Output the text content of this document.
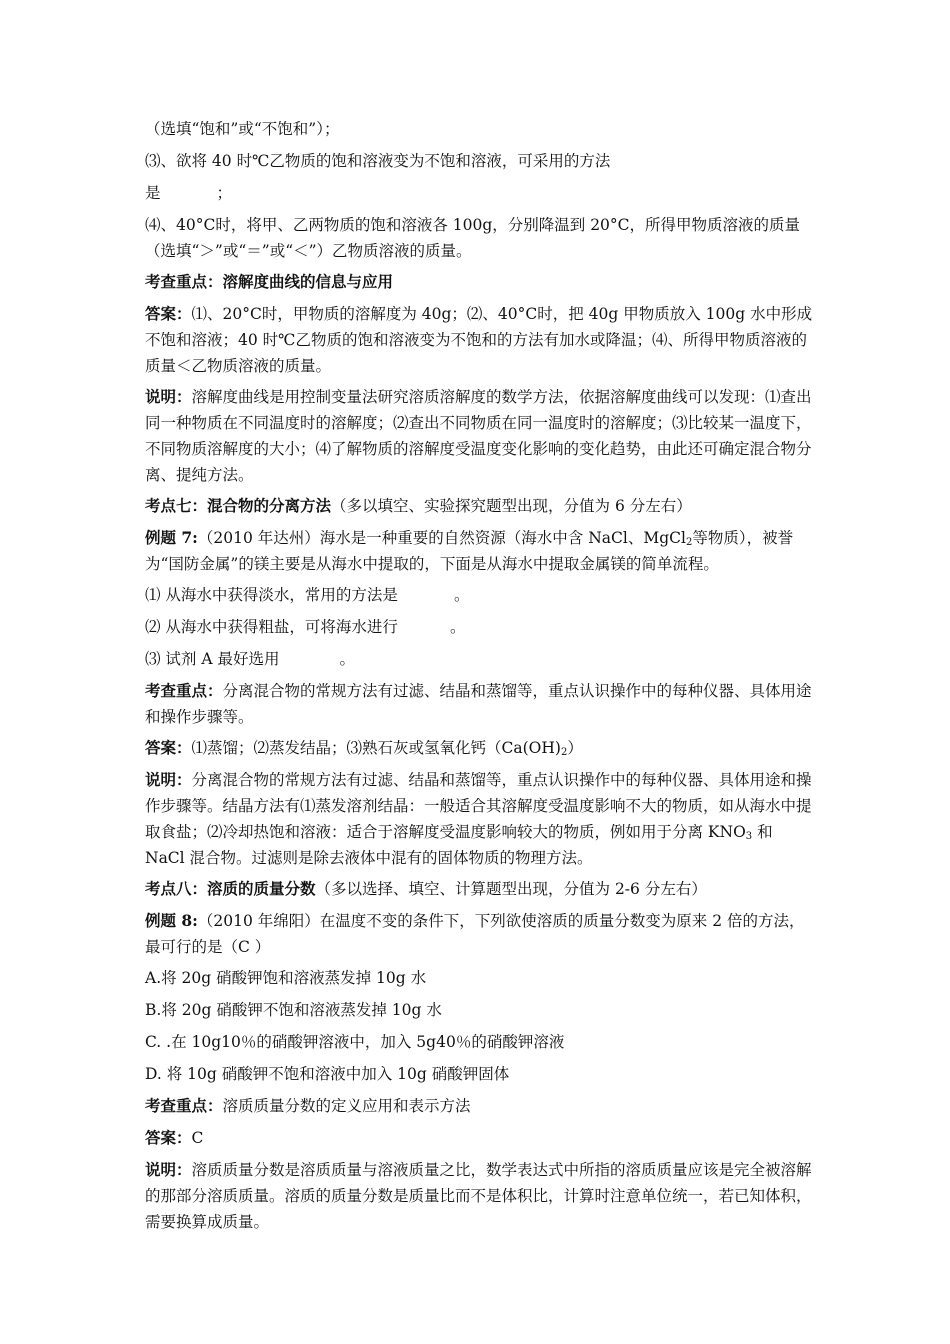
（选填“饱和”或“不饱和”）；

⑶、欲将 40 时℃乙物质的饱和溶液变为不饱和溶液，可采用的方法

是	；

⑷、40°C时，将甲、乙两物质的饱和溶液各 100g，分别降温到 20°C，所得甲物质溶液的质量
（选填“＞”或“＝”或“＜”）乙物质溶液的质量。

考查重点：溶解度曲线的信息与应用

答案：⑴、20°C时，甲物质的溶解度为 40g；⑵、40°C时，把 40g 甲物质放入 100g 水中形成不饱和溶液；40 时℃乙物质的饱和溶液变为不饱和的方法有加水或降温；⑷、所得甲物质溶液的质量＜乙物质溶液的质量。

说明：溶解度曲线是用控制变量法研究溶质溶解度的数学方法，依据溶解度曲线可以发现：⑴查出同一种物质在不同温度时的溶解度；⑵查出不同物质在同一温度时的溶解度；⑶比较某一温度下，不同物质溶解度的大小；⑷了解物质的溶解度受温度变化影响的变化趋势，由此还可确定混合物分离、提纯方法。

考点七：混合物的分离方法（多以填空、实验探究题型出现，分值为 6 分左右）

例题 7:（2010 年达州）海水是一种重要的自然资源（海水中含 NaCl、MgCl$_2$等物质），被誉为“国防金属”的镁主要是从海水中提取的，下面是从海水中提取金属镁的简单流程。

⑴ 从海水中获得淡水，常用的方法是	。

⑵ 从海水中获得粗盐，可将海水进行	。

⑶ 试剂 A 最好选用	。

考查重点：分离混合物的常规方法有过滤、结晶和蒸馏等，重点认识操作中的每种仪器、具体用途和操作步骤等。

答案：⑴蒸馏；⑵蒸发结晶；⑶熟石灰或氢氧化钙$(Ca(OH)_2)$

说明：分离混合物的常规方法有过滤、结晶和蒸馏等，重点认识操作中的每种仪器、具体用途和操作步骤等。结晶方法有⑴蒸发溶剂结晶：一般适合其溶解度受温度影响不大的物质，如从海水中提取食盐；⑵冷却热饱和溶液：适合于溶解度受温度影响较大的物质，例如用于分离 $KNO_3$ 和 NaCl 混合物。过滤则是除去液体中混有的固体物质的物理方法。

考点八：溶质的质量分数（多以选择、填空、计算题型出现，分值为 2-6 分左右）

例题 8:（2010 年绵阳）在温度不变的条件下，下列欲使溶质的质量分数变为原来 2 倍的方法，最可行的是（C ）

A.将 20g 硝酸钾饱和溶液蒸发掉 10g 水

B.将 20g 硝酸钾不饱和溶液蒸发掉 10g 水

C. .在 10g10％的硝酸钾溶液中，加入 5g40％的硝酸钾溶液

D. 将 10g 硝酸钾不饱和溶液中加入 10g 硝酸钾固体

考查重点：溶质质量分数的定义应用和表示方法

答案：C

说明：溶质质量分数是溶质质量与溶液质量之比，数学表达式中所指的溶质质量应该是完全被溶解的那部分溶质质量。溶质的质量分数是质量比而不是体积比，计算时注意单位统一，若已知体积，需要换算成质量。
